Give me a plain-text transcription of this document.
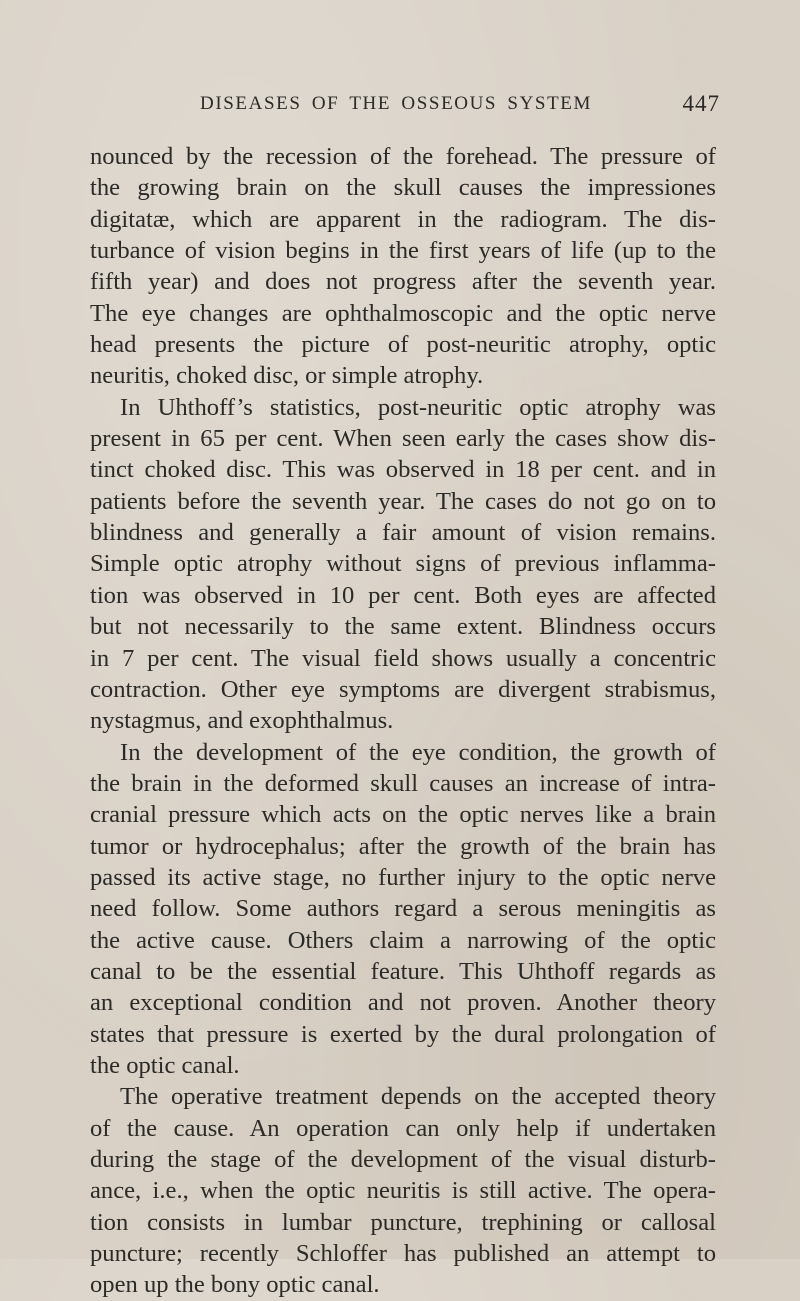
DISEASES OF THE OSSEOUS SYSTEM	447
nounced by the recession of the forehead. The pressure of
the growing brain on the skull causes the impressiones
digitatæ, which are apparent in the radiogram. The dis-
turbance of vision begins in the first years of life (up to the
fifth year) and does not progress after the seventh year.
The eye changes are ophthalmoscopic and the optic nerve
head presents the picture of post-neuritic atrophy, optic
neuritis, choked disc, or simple atrophy.
In Uhthoff’s statistics, post-neuritic optic atrophy was
present in 65 per cent. When seen early the cases show dis-
tinct choked disc. This was observed in 18 per cent. and in
patients before the seventh year. The cases do not go on to
blindness and generally a fair amount of vision remains.
Simple optic atrophy without signs of previous inflamma-
tion was observed in 10 per cent. Both eyes are affected
but not necessarily to the same extent. Blindness occurs
in 7 per cent. The visual field shows usually a concentric
contraction. Other eye symptoms are divergent strabismus,
nystagmus, and exophthalmus.
In the development of the eye condition, the growth of
the brain in the deformed skull causes an increase of intra-
cranial pressure which acts on the optic nerves like a brain
tumor or hydrocephalus; after the growth of the brain has
passed its active stage, no further injury to the optic nerve
need follow. Some authors regard a serous meningitis as
the active cause. Others claim a narrowing of the optic
canal to be the essential feature. This Uhthoff regards as
an exceptional condition and not proven. Another theory
states that pressure is exerted by the dural prolongation of
the optic canal.
The operative treatment depends on the accepted theory
of the cause. An operation can only help if undertaken
during the stage of the development of the visual disturb-
ance, i.e., when the optic neuritis is still active. The opera-
tion consists in lumbar puncture, trephining or callosal
puncture; recently Schloffer has published an attempt to
open up the bony optic canal.
